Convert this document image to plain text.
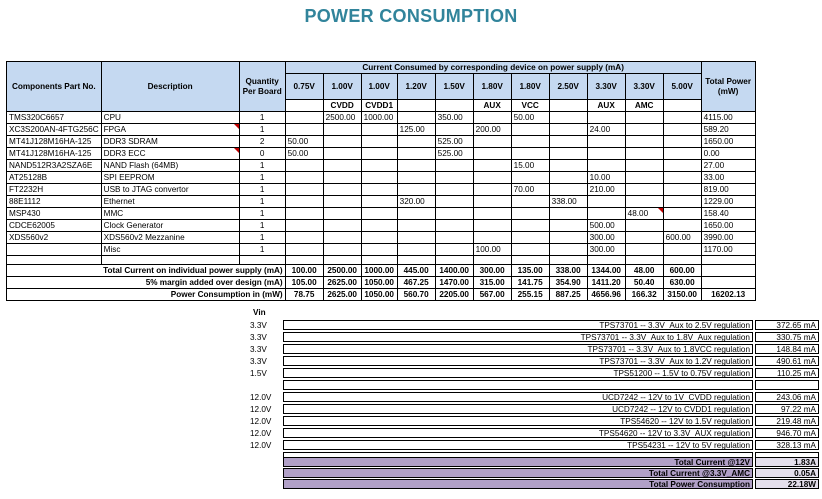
POWER CONSUMPTION
Components Part No.	Description	Quantity Per Board	Current Consumed by corresponding device on power supply (mA)											Total Power (mW)
			0.75V	1.00V	1.00V	1.20V	1.50V	1.80V	1.80V	2.50V	3.30V	3.30V	5.00V	
				CVDD	CVDD1			AUX	VCC		AUX	AMC		
TMS320C6657	CPU	1		2500.00	1000.00		350.00		50.00					4115.00
XC3S200AN-4FTG256C	FPGA	1				125.00		200.00			24.00			589.20
MT41J128M16HA-125	DDR3 SDRAM	2	50.00				525.00							1650.00
MT41J128M16HA-125	DDR3 ECC	0	50.00				525.00							0.00
NAND512R3A2SZA6E	NAND Flash (64MB)	1							15.00					27.00
AT25128B	SPI EEPROM	1									10.00			33.00
FT2232H	USB to JTAG convertor	1							70.00		210.00			819.00
88E1112	Ethernet	1				320.00				338.00				1229.00
MSP430	MMC	1										48.00		158.40
CDCE62005	Clock Generator	1									500.00			1650.00
XDS560v2	XDS560v2 Mezzanine	1									300.00		600.00	3990.00
	Misc	1						100.00			300.00			1170.00

Total Current on individual power supply (mA)			100.00	2500.00	1000.00	445.00	1400.00	300.00	135.00	338.00	1344.00	48.00	600.00	
5% margin added over design (mA)			105.00	2625.00	1050.00	467.25	1470.00	315.00	141.75	354.90	1411.20	50.40	630.00	
Power Consumption in (mW)			78.75	2625.00	1050.00	560.70	2205.00	567.00	255.15	887.25	4656.96	166.32	3150.00	16202.13
Vin
3.3V	TPS73701 -- 3.3V_Aux to 2.5V regulation	372.65 mA
3.3V	TPS73701 -- 3.3V_Aux to 1.8V_Aux regulation	330.75 mA
3.3V	TPS73701 -- 3.3V_Aux to 1.8VCC regulation	148.84 mA
3.3V	TPS73701 -- 3.3V_Aux to 1.2V regulation	490.61 mA
1.5V	TPS51200 -- 1.5V to 0.75V regulation	110.25 mA
12.0V	UCD7242 -- 12V to 1V_CVDD regulation	243.06 mA
12.0V	UCD7242 -- 12V to CVDD1 regulation	97.22 mA
12.0V	TPS54620 -- 12V to 1.5V regulation	219.48 mA
12.0V	TPS54620 -- 12V to 3.3V_AUX regulation	946.70 mA
12.0V	TPS54231 -- 12V to 5V regulation	328.13 mA
Total Current @12V	1.83A
Total Current @3.3V_AMC	0.05A
Total Power Consumption	22.18W
